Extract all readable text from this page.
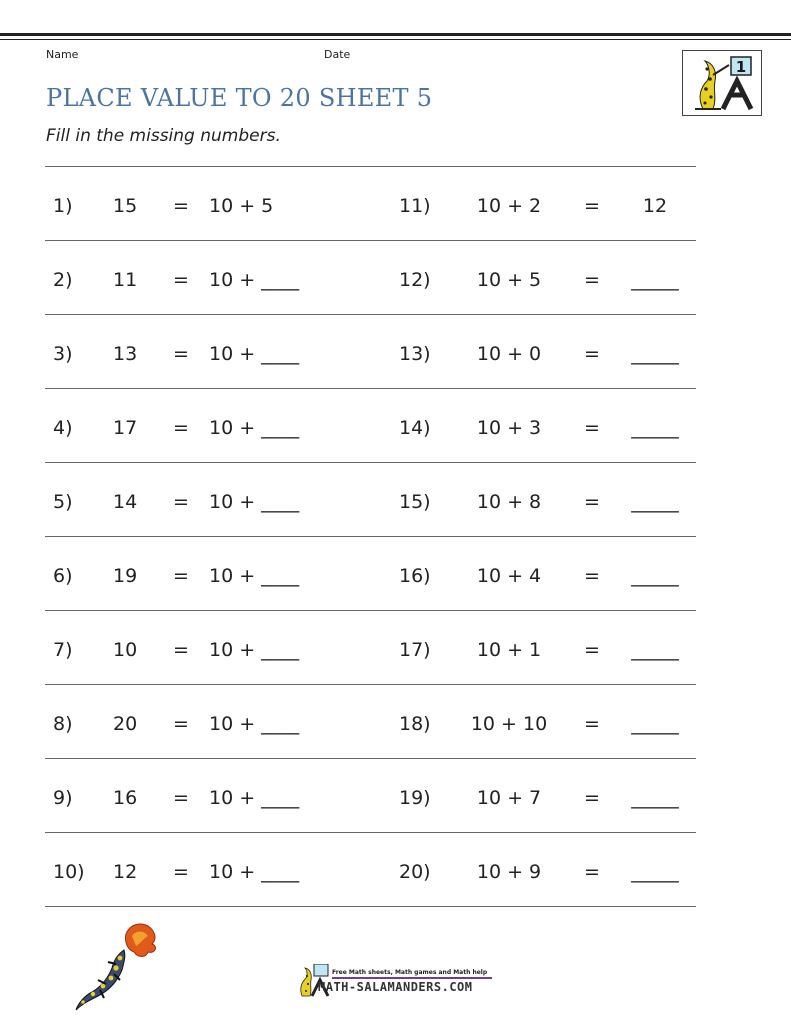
Name	Date
PLACE VALUE TO 20 SHEET 5
Fill in the missing numbers.
1
1) 15 = 10 + 5	11)	10 + 2	=	12
2) 11 = 10 + ____	12)	10 + 5	=	_____
3) 13 = 10 + ____	13)	10 + 0	=	_____
4) 17 = 10 + ____	14)	10 + 3	=	_____
5) 14 = 10 + ____	15)	10 + 8	=	_____
6) 19 = 10 + ____	16)	10 + 4	=	_____
7) 10 = 10 + ____	17)	10 + 1	=	_____
8) 20 = 10 + ____	18)	10 + 10	=	_____
9) 16 = 10 + ____	19)	10 + 7	=	_____
10) 12 = 10 + ____	20)	10 + 9	=	_____
Free Math sheets, Math games and Math help
MATH-SALAMANDERS.COM
